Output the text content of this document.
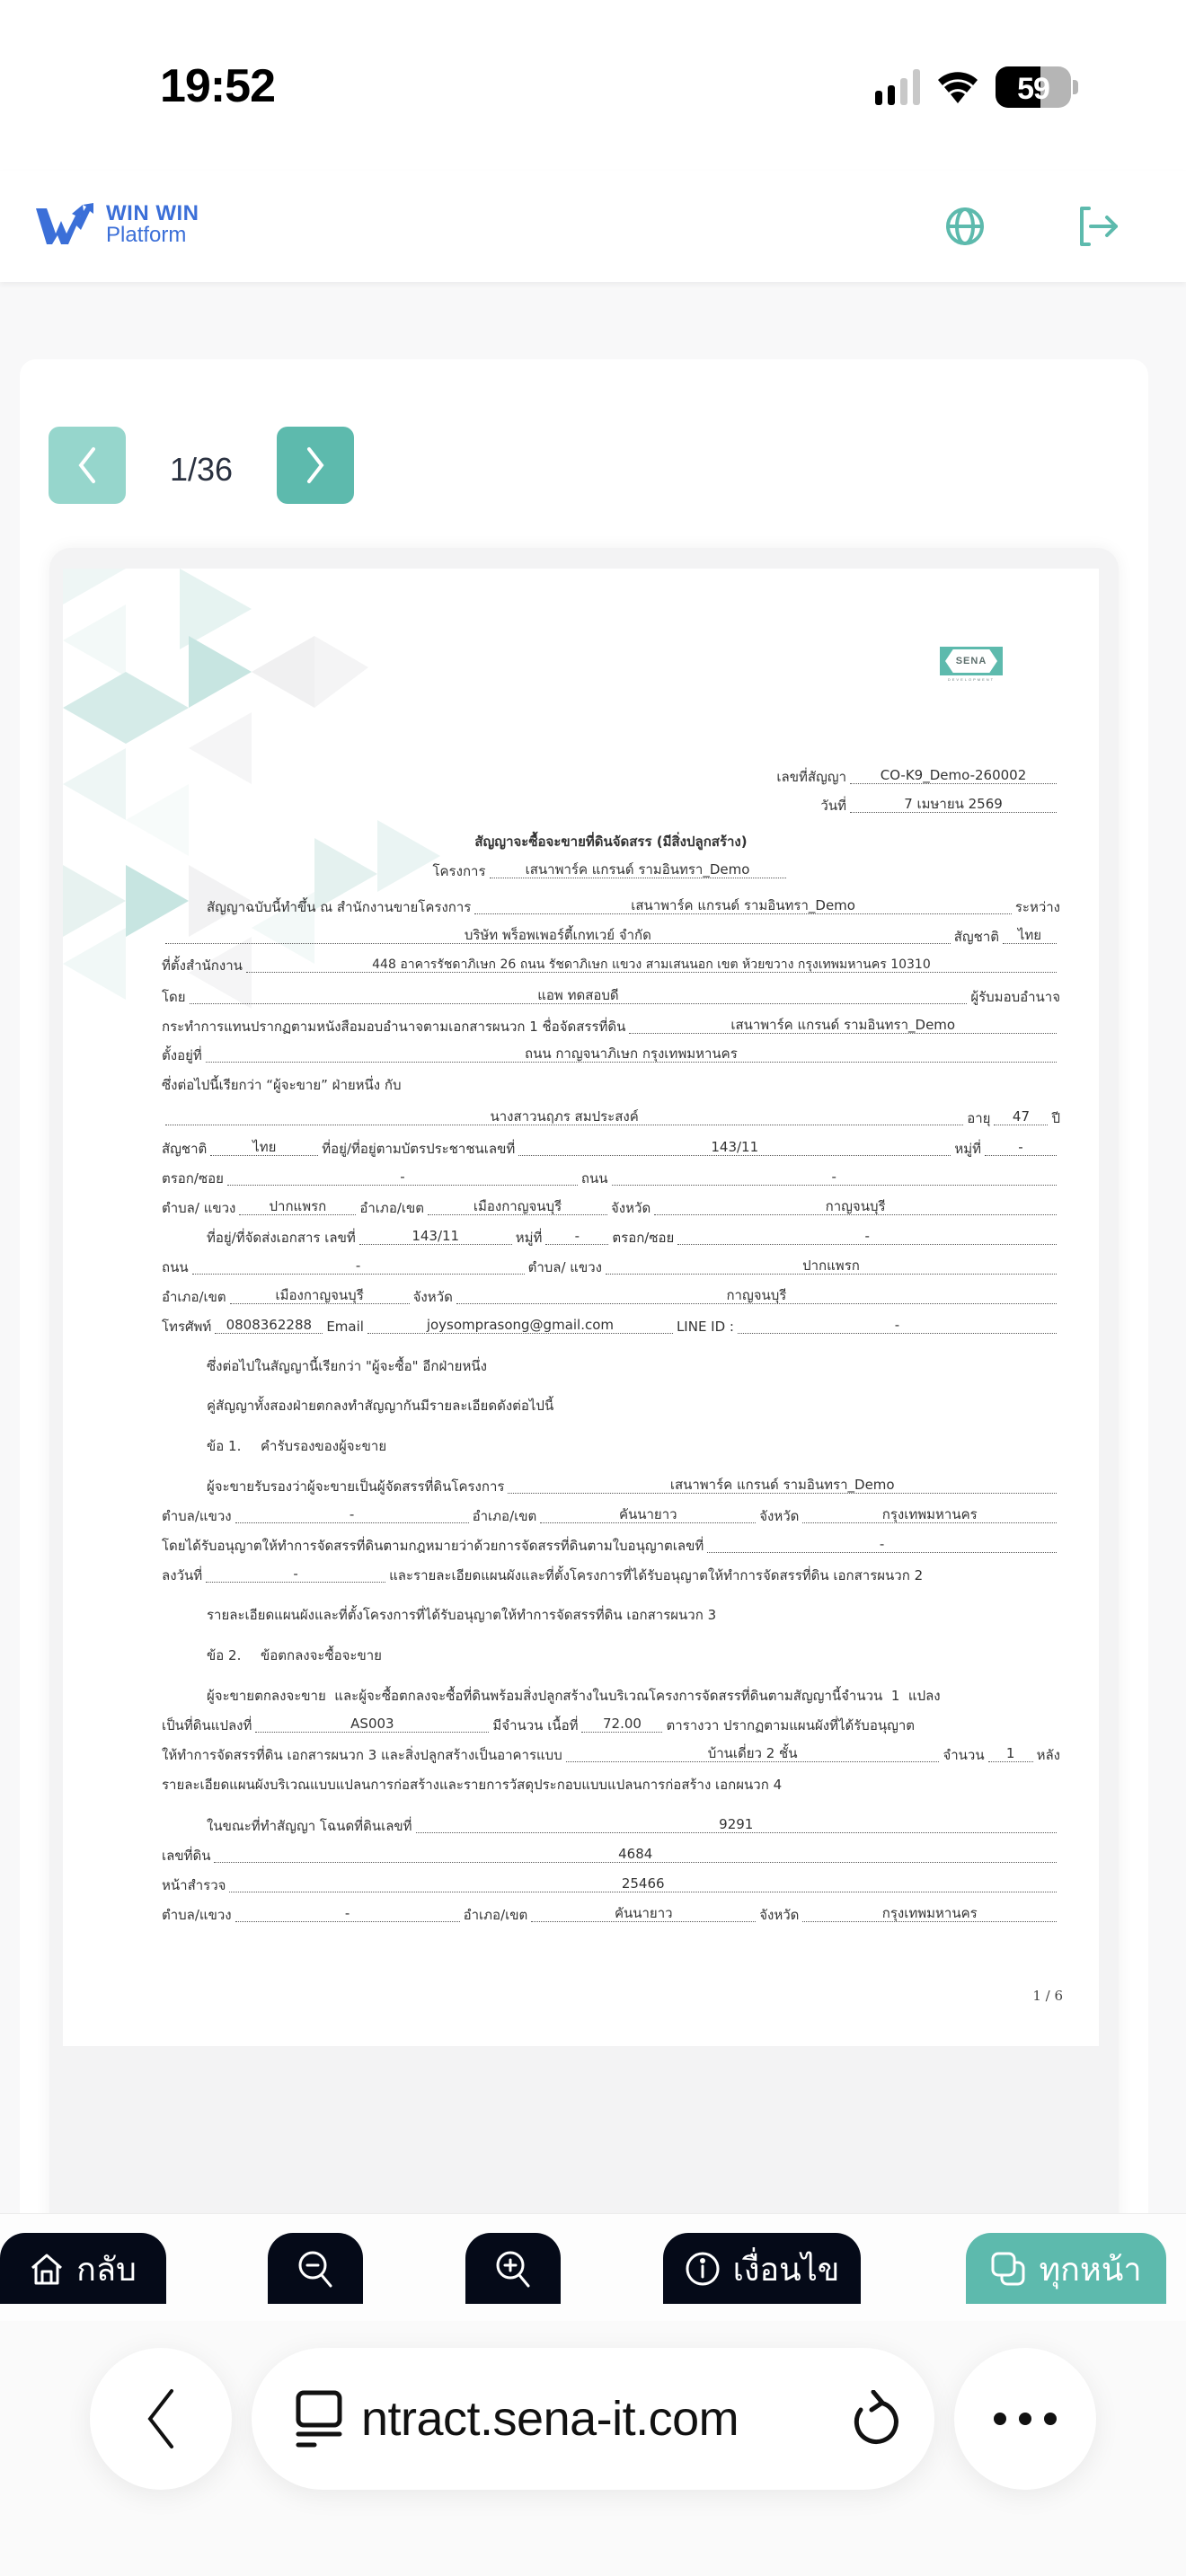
19:52	59
WIN WIN
Platform
1/36
SENA
DEVELOPMENT
เลขที่สัญญา	CO-K9_Demo-260002
วันที่	7 เมษายน 2569
สัญญาจะซื้อจะขายที่ดินจัดสรร (มีสิ่งปลูกสร้าง)
โครงการ	เสนาพาร์ค แกรนด์ รามอินทรา_Demo
สัญญาฉบับนี้ทำขึ้น ณ สำนักงานขายโครงการ	เสนาพาร์ค แกรนด์ รามอินทรา_Demo	ระหว่าง
บริษัท พร็อพเพอร์ตี้เกทเวย์ จำกัด	สัญชาติ	ไทย
ที่ตั้งสำนักงาน	448 อาคารรัชดาภิเษก 26 ถนน รัชดาภิเษก แขวง สามเสนนอก เขต ห้วยขวาง กรุงเทพมหานคร 10310
โดย	แอพ ทดสอบดี	ผู้รับมอบอำนาจ
กระทำการแทนปรากฏตามหนังสือมอบอำนาจตามเอกสารผนวก 1 ชื่อจัดสรรที่ดิน	เสนาพาร์ค แกรนด์ รามอินทรา_Demo
ตั้งอยู่ที่	ถนน กาญจนาภิเษก กรุงเทพมหานคร
ซึ่งต่อไปนี้เรียกว่า “ผู้จะขาย” ฝ่ายหนึ่ง กับ
นางสาวนฤภร สมประสงค์	อายุ	47	ปี
สัญชาติ	ไทย	ที่อยู่/ที่อยู่ตามบัตรประชาชนเลขที่	143/11	หมู่ที่	-
ตรอก/ซอย	-	ถนน	-
ตำบล/ แขวง	ปากแพรก	อำเภอ/เขต	เมืองกาญจนบุรี	จังหวัด	กาญจนบุรี
ที่อยู่/ที่จัดส่งเอกสาร เลขที่	143/11	หมู่ที่	-	ตรอก/ซอย	-
ถนน	-	ตำบล/ แขวง	ปากแพรก
อำเภอ/เขต	เมืองกาญจนบุรี	จังหวัด	กาญจนบุรี
โทรศัพท์	0808362288	Email	joysomprasong@gmail.com	LINE ID :	-
ซึ่งต่อไปในสัญญานี้เรียกว่า "ผู้จะซื้อ" อีกฝ่ายหนึ่ง
คู่สัญญาทั้งสองฝ่ายตกลงทำสัญญากันมีรายละเอียดดังต่อไปนี้
ข้อ 1.	คำรับรองของผู้จะขาย
ผู้จะขายรับรองว่าผู้จะขายเป็นผู้จัดสรรที่ดินโครงการ	เสนาพาร์ค แกรนด์ รามอินทรา_Demo
ตำบล/แขวง	-	อำเภอ/เขต	คันนายาว	จังหวัด	กรุงเทพมหานคร
โดยได้รับอนุญาตให้ทำการจัดสรรที่ดินตามกฎหมายว่าด้วยการจัดสรรที่ดินตามใบอนุญาตเลขที่	-
ลงวันที่	-	และรายละเอียดแผนผังและที่ตั้งโครงการที่ได้รับอนุญาตให้ทำการจัดสรรที่ดิน เอกสารผนวก 2
รายละเอียดแผนผังและที่ตั้งโครงการที่ได้รับอนุญาตให้ทำการจัดสรรที่ดิน เอกสารผนวก 3
ข้อ 2.	ข้อตกลงจะซื้อจะขาย
ผู้จะขายตกลงจะขาย  และผู้จะซื้อตกลงจะซื้อที่ดินพร้อมสิ่งปลูกสร้างในบริเวณโครงการจัดสรรที่ดินตามสัญญานี้จำนวน  1  แปลง
เป็นที่ดินแปลงที่	AS003	มีจำนวน เนื้อที่	72.00	ตารางวา ปรากฏตามแผนผังที่ได้รับอนุญาต
ให้ทำการจัดสรรที่ดิน เอกสารผนวก 3 และสิ่งปลูกสร้างเป็นอาคารแบบ	บ้านเดี่ยว 2 ชั้น	จำนวน	1	หลัง
รายละเอียดแผนผังบริเวณแบบแปลนการก่อสร้างและรายการวัสดุประกอบแบบแปลนการก่อสร้าง เอกผนวก 4
ในขณะที่ทำสัญญา โฉนดที่ดินเลขที่	9291
เลขที่ดิน	4684
หน้าสำรวจ	25466
ตำบล/แขวง	-	อำเภอ/เขต	คันนายาว	จังหวัด	กรุงเทพมหานคร
1 / 6
กลับ	เงื่อนไข	ทุกหน้า
ntract.sena-it.com
